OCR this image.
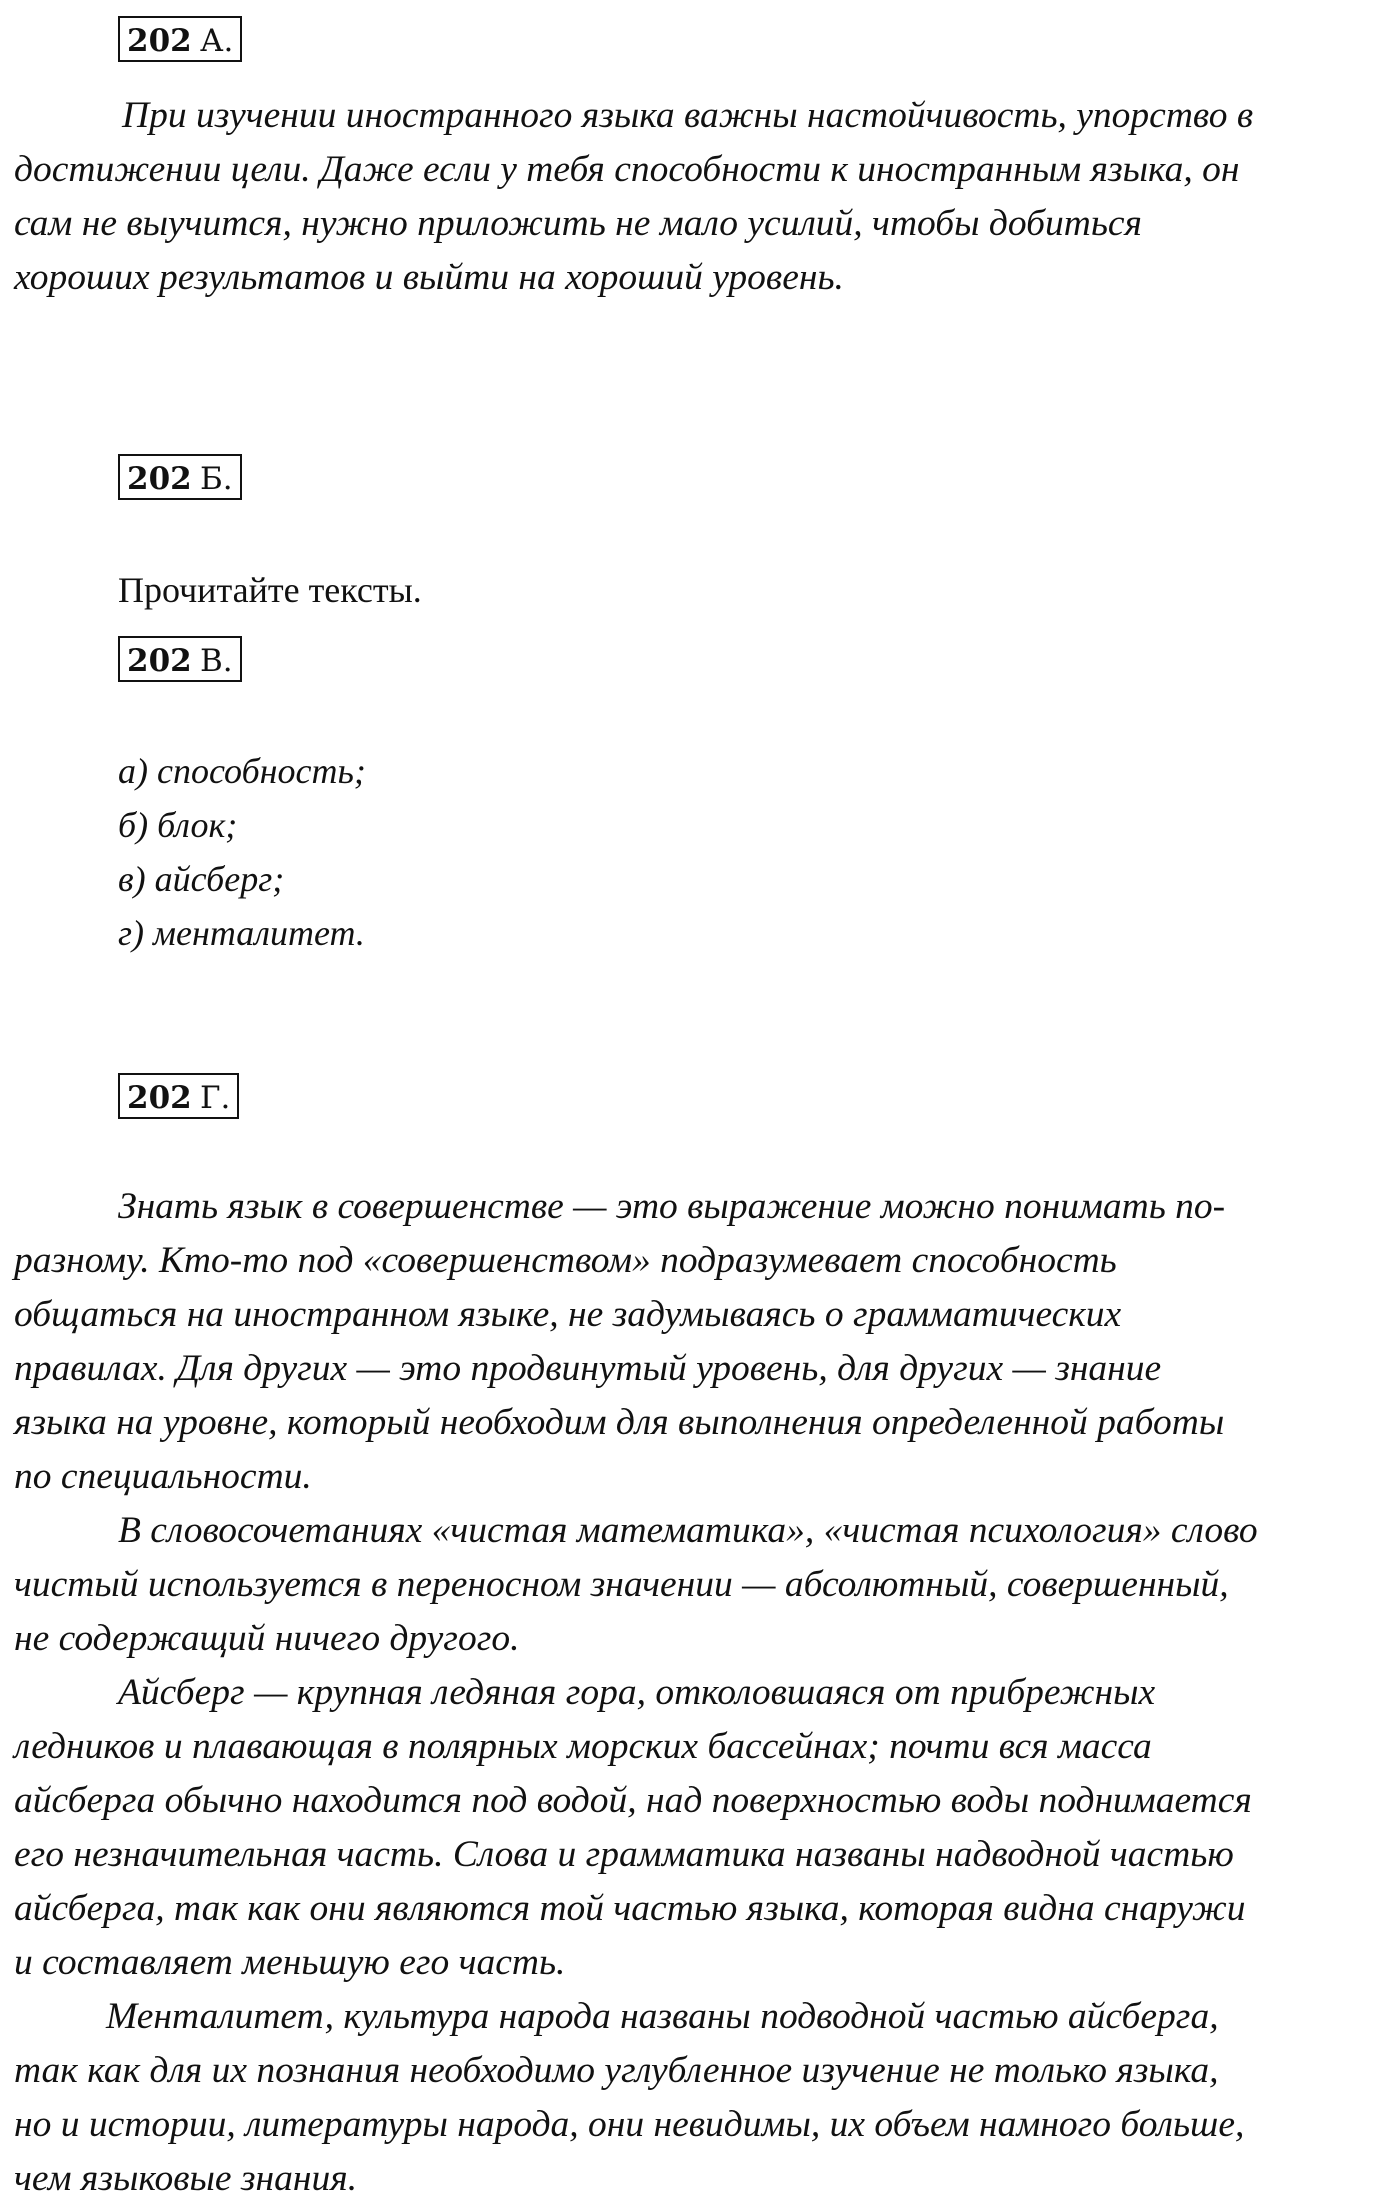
202 А.
При изучении иностранного языка важны настойчивость, упорство в
достижении цели. Даже если у тебя способности к иностранным языка, он
сам не выучится, нужно приложить не мало усилий, чтобы добиться
хороших результатов и выйти на хороший уровень.
202 Б.

Прочитайте тексты.

202 В.
а) способность;
б) блок;
в) айсберг;
г) менталитет.
202 Г.
Знать язык в совершенстве — это выражение можно понимать по-
разному. Кто-то под «совершенством» подразумевает способность
общаться на иностранном языке, не задумываясь о грамматических
правилах. Для других — это продвинутый уровень, для других — знание
языка на уровне, который необходим для выполнения определенной работы
по специальности.
В словосочетаниях «чистая математика», «чистая психология» слово
чистый используется в переносном значении — абсолютный, совершенный,
не содержащий ничего другого.
Айсберг — крупная ледяная гора, отколовшаяся от прибрежных
ледников и плавающая в полярных морских бассейнах; почти вся масса
айсберга обычно находится под водой, над поверхностью воды поднимается
его незначительная часть. Слова и грамматика названы надводной частью
айсберга, так как они являются той частью языка, которая видна снаружи
и составляет меньшую его часть.
Менталитет, культура народа названы подводной частью айсберга,
так как для их познания необходимо углубленное изучение не только языка,
но и истории, литературы народа, они невидимы, их объем намного больше,
чем языковые знания.
